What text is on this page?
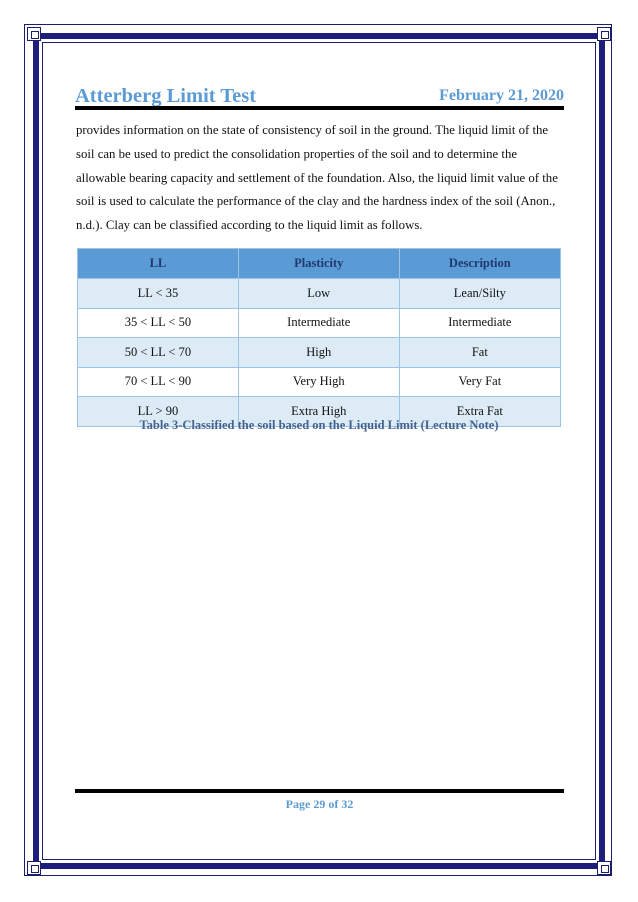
Atterberg Limit Test	February 21, 2020

provides information on the state of consistency of soil in the ground. The liquid limit of the soil can be used to predict the consolidation properties of the soil and to determine the allowable bearing capacity and settlement of the foundation. Also, the liquid limit value of the soil is used to calculate the performance of the clay and the hardness index of the soil (Anon., n.d.). Clay can be classified according to the liquid limit as follows.

LL	Plasticity	Description
LL < 35	Low	Lean/Silty
35 < LL < 50	Intermediate	Intermediate
50 < LL < 70	High	Fat
70 < LL < 90	Very High	Very Fat
LL > 90	Extra High	Extra Fat
Table 3-Classified the soil based on the Liquid Limit (Lecture Note)
Page 29 of 32
